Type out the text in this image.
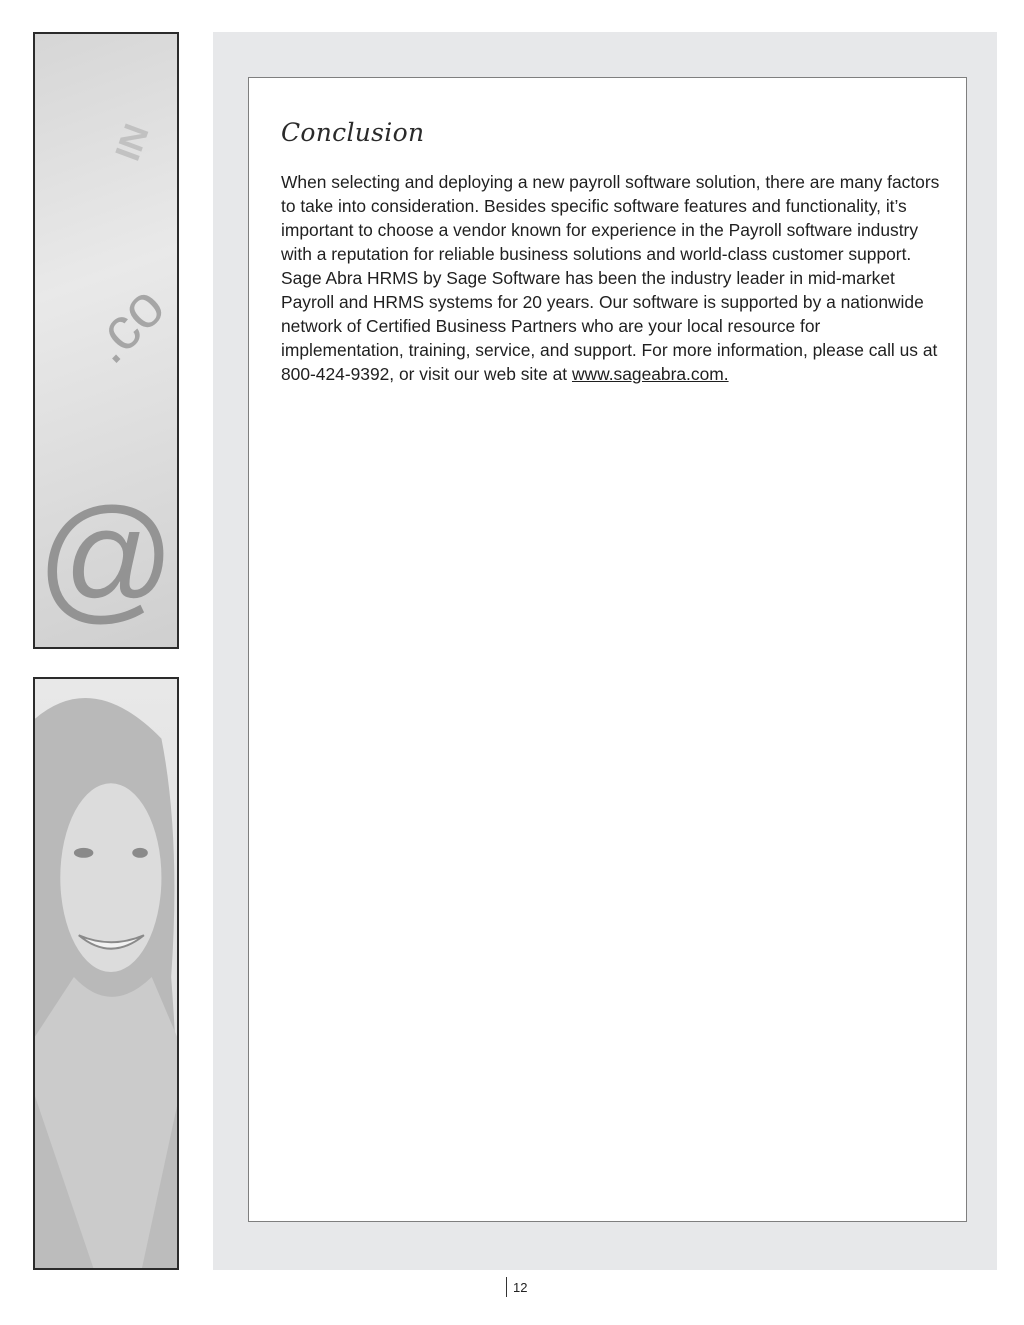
IN
.co
@
Conclusion

When selecting and deploying a new payroll software solution, there are many factors to take into consideration. Besides specific software features and functionality, it’s important to choose a vendor known for experience in the Payroll software industry with a reputation for reliable business solutions and world-class customer support. Sage Abra HRMS by Sage Software has been the industry leader in mid-market Payroll and HRMS systems for 20 years. Our software is supported by a nationwide network of Certified Business Partners who are your local resource for implementation, training, service, and support. For more information, please call us at 800-424-9392, or visit our web site at www.sageabra.com.

12
